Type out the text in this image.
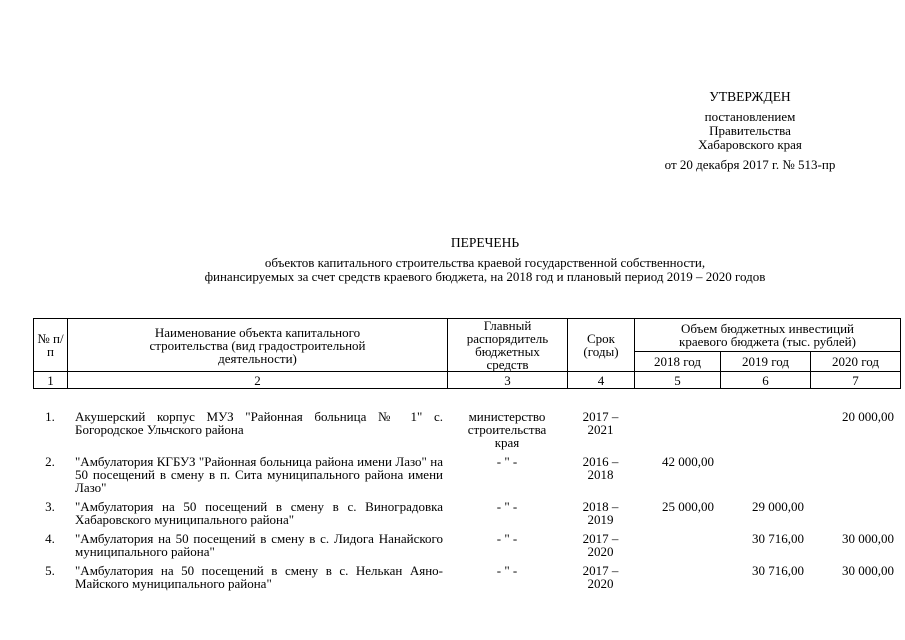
УТВЕРЖДЕН
постановлением
Правительства
Хабаровского края
от 20 декабря 2017 г. № 513-пр
ПЕРЕЧЕНЬ
объектов капитального строительства краевой государственной собственности,
финансируемых за счет средств краевого бюджета, на 2018 год и плановый период 2019 – 2020 годов
№ п/п	Наименование объекта капитального строительства (вид градостроительной деятельности)	Главный распорядитель бюджетных средств	Срок (годы)	Объем бюджетных инвестиций краевого бюджета (тыс. рублей)		
				2018 год	2019 год	2020 год
1	2	3	4	5	6	7
1.	Акушерский корпус МУЗ "Районная больница № 1" с. Богородское Ульчского района	министерство строительства края	2017 – 2021			20 000,00
2.	"Амбулатория КГБУЗ "Районная больница района имени Лазо" на 50 посещений в смену в п. Сита муниципального района имени Лазо"	- " -	2016 – 2018	42 000,00		
3.	"Амбулатория на 50 посещений в смену в с. Виноградовка Хабаровского муниципального района"	- " -	2018 – 2019	25 000,00	29 000,00	
4.	"Амбулатория на 50 посещений в смену в с. Лидога Нанайского муниципального района"	- " -	2017 – 2020		30 716,00	30 000,00
5.	"Амбулатория на 50 посещений в смену в с. Нелькан Аяно-Майского муниципального района"	- " -	2017 – 2020		30 716,00	30 000,00
